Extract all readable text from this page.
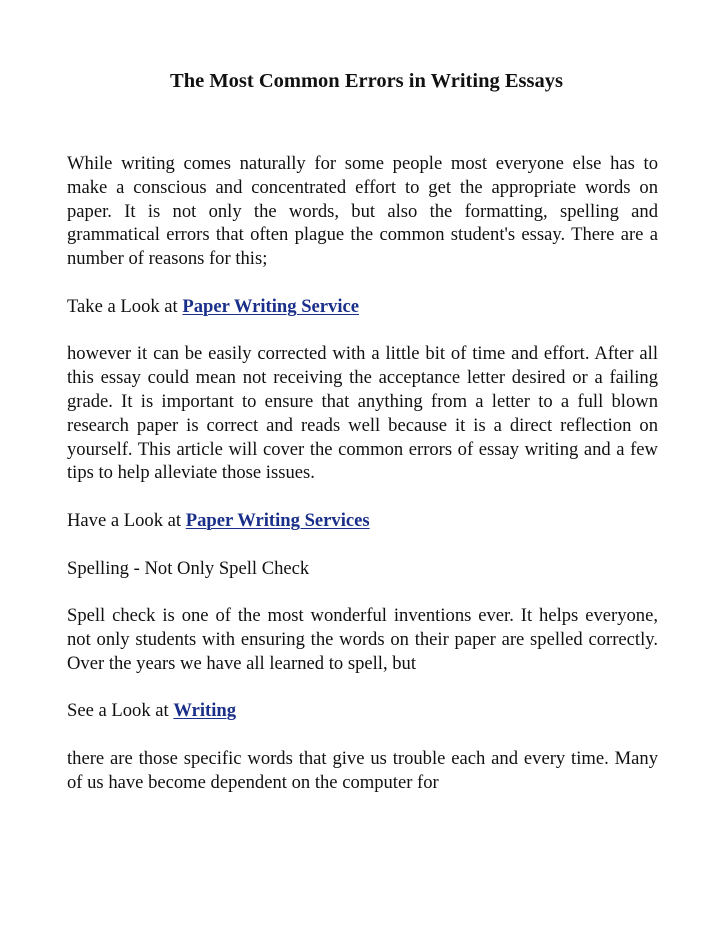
The Most Common Errors in Writing Essays

While writing comes naturally for some people most everyone else has to make a conscious and concentrated effort to get the appropriate words on paper. It is not only the words, but also the formatting, spelling and grammatical errors that often plague the common student's essay. There are a number of reasons for this;

Take a Look at Paper Writing Service

however it can be easily corrected with a little bit of time and effort. After all this essay could mean not receiving the acceptance letter desired or a failing grade. It is important to ensure that anything from a letter to a full blown research paper is correct and reads well because it is a direct reflection on yourself. This article will cover the common errors of essay writing and a few tips to help alleviate those issues.

Have a Look at Paper Writing Services

Spelling - Not Only Spell Check

Spell check is one of the most wonderful inventions ever. It helps everyone, not only students with ensuring the words on their paper are spelled correctly. Over the years we have all learned to spell, but

See a Look at Writing

there are those specific words that give us trouble each and every time. Many of us have become dependent on the computer for
